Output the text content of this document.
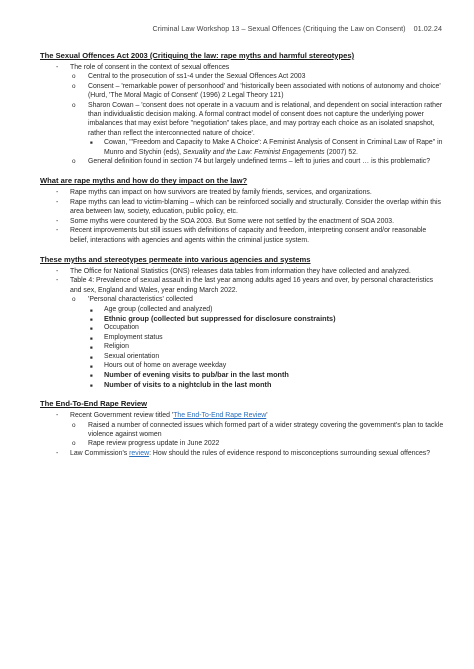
Criminal Law Workshop 13 – Sexual Offences (Critiquing the Law on Consent) 01.02.24
The Sexual Offences Act 2003 (Critiquing the law: rape myths and harmful stereotypes)
- The role of consent in the context of sexual offences
o Central to the prosecution of ss1-4 under the Sexual Offences Act 2003
o Consent – 'remarkable power of personhood' and 'historically been associated with notions of autonomy and choice' (Hurd, 'The Moral Magic of Consent' (1996) 2 Legal Theory 121)
o Sharon Cowan – 'consent does not operate in a vacuum and is relational, and dependent on social interaction rather than individualistic decision making. A formal contract model of consent does not capture the underlying power imbalances that may exist before "negotiation" takes place, and may portray each choice as an isolated snapshot, rather than reflect the interconnected nature of choice'.
■ Cowan, "'Freedom and Capacity to Make A Choice': A Feminist Analysis of Consent in Criminal Law of Rape" in Munro and Stychin (eds), Sexuality and the Law: Feminist Engagements (2007) 52.
o General definition found in section 74 but largely undefined terms – left to juries and court … is this problematic?
What are rape myths and how do they impact on the law?
- Rape myths can impact on how survivors are treated by family friends, services, and organizations.
- Rape myths can lead to victim-blaming – which can be reinforced socially and structurally. Consider the overlap within this area between law, society, education, public policy, etc.
- Some myths were countered by the SOA 2003. But Some were not settled by the enactment of SOA 2003.
- Recent improvements but still issues with definitions of capacity and freedom, interpreting consent and/or reasonable belief, interactions with agencies and agents within the criminal justice system.
These myths and stereotypes permeate into various agencies and systems
- The Office for National Statistics (ONS) releases data tables from information they have collected and analyzed.
- Table 4: Prevalence of sexual assault in the last year among adults aged 16 years and over, by personal characteristics and sex, England and Wales, year ending March 2022.
o 'Personal characteristics' collected
■ Age group (collected and analyzed)
■ Ethnic group (collected but suppressed for disclosure constraints)
■ Occupation
■ Employment status
■ Religion
■ Sexual orientation
■ Hours out of home on average weekday
■ Number of evening visits to pub/bar in the last month
■ Number of visits to a nightclub in the last month
The End-To-End Rape Review
- Recent Government review titled 'The End-To-End Rape Review'
o Raised a number of connected issues which formed part of a wider strategy covering the government's plan to tackle violence against women
o Rape review progress update in June 2022
- Law Commission's review: How should the rules of evidence respond to misconceptions surrounding sexual offences?
